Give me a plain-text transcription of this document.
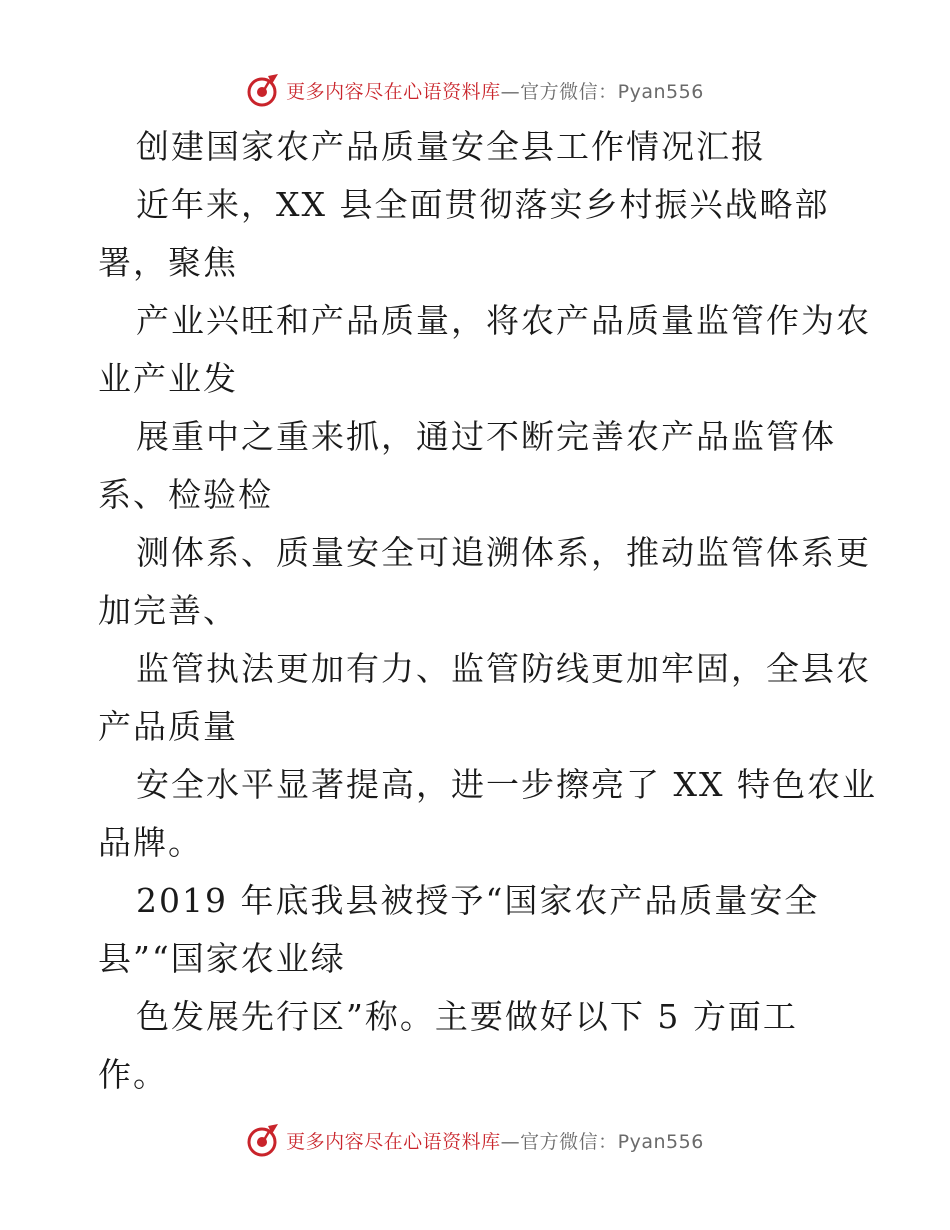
更多内容尽在心语资料库—官方微信：Pyan556
创建国家农产品质量安全县工作情况汇报
近年来，XX 县全面贯彻落实乡村振兴战略部
署，聚焦
产业兴旺和产品质量，将农产品质量监管作为农
业产业发
展重中之重来抓，通过不断完善农产品监管体
系、检验检
测体系、质量安全可追溯体系，推动监管体系更
加完善、
监管执法更加有力、监管防线更加牢固，全县农
产品质量
安全水平显著提高，进一步擦亮了 XX 特色农业
品牌。
2019 年底我县被授予“国家农产品质量安全
县”“国家农业绿
色发展先行区”称。主要做好以下 5 方面工
作。
更多内容尽在心语资料库—官方微信：Pyan556
